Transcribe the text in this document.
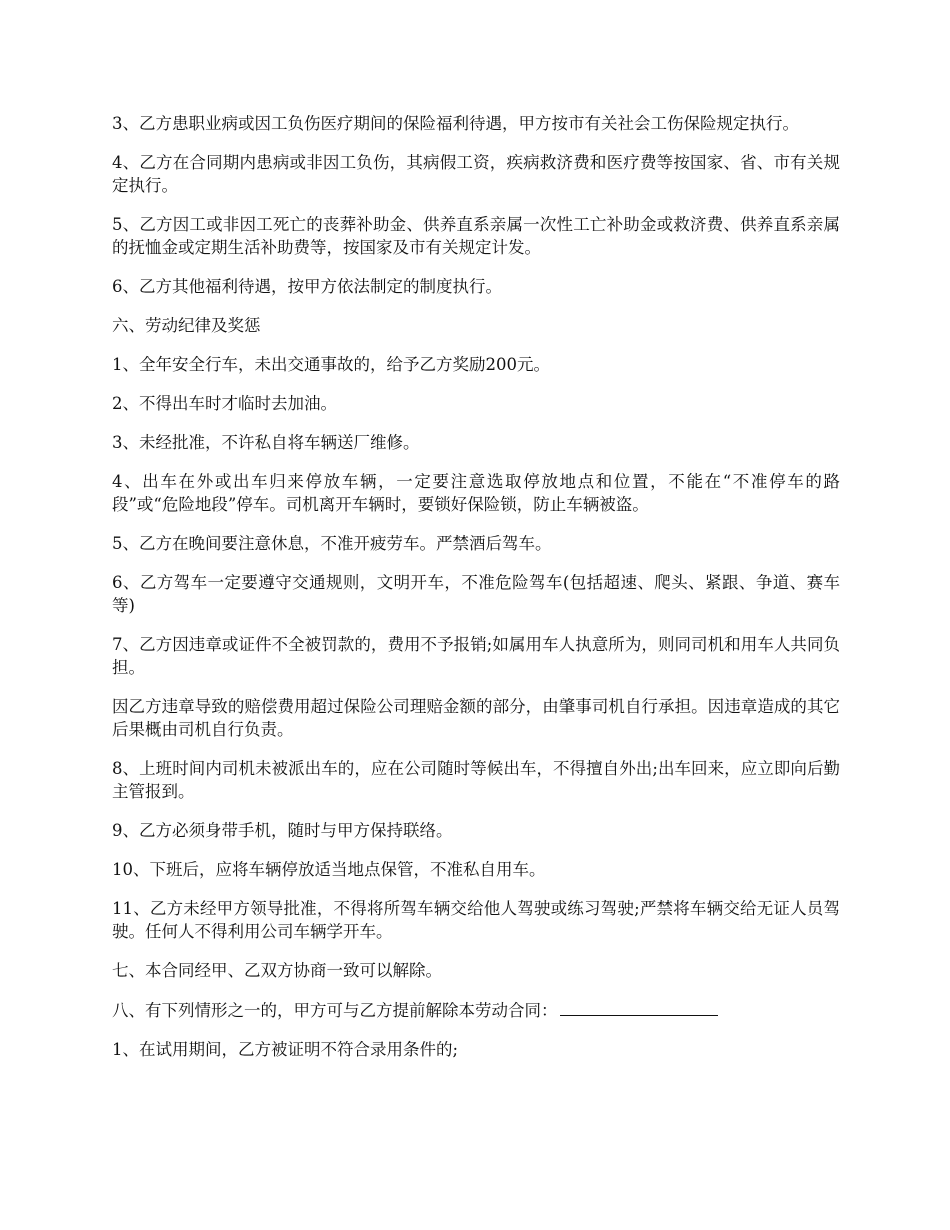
3、乙方患职业病或因工负伤医疗期间的保险福利待遇，甲方按市有关社会工伤保险规定执行。

4、乙方在合同期内患病或非因工负伤，其病假工资，疾病救济费和医疗费等按国家、省、市有关规定执行。

5、乙方因工或非因工死亡的丧葬补助金、供养直系亲属一次性工亡补助金或救济费、供养直系亲属的抚恤金或定期生活补助费等，按国家及市有关规定计发。

6、乙方其他福利待遇，按甲方依法制定的制度执行。

六、劳动纪律及奖惩

1、全年安全行车，未出交通事故的，给予乙方奖励200元。

2、不得出车时才临时去加油。

3、未经批准，不许私自将车辆送厂维修。

4、出车在外或出车归来停放车辆，一定要注意选取停放地点和位置，不能在“不准停车的路段”或“危险地段”停车。司机离开车辆时，要锁好保险锁，防止车辆被盗。

5、乙方在晚间要注意休息，不准开疲劳车。严禁酒后驾车。

6、乙方驾车一定要遵守交通规则，文明开车，不准危险驾车(包括超速、爬头、紧跟、争道、赛车等)

7、乙方因违章或证件不全被罚款的，费用不予报销;如属用车人执意所为，则同司机和用车人共同负担。

因乙方违章导致的赔偿费用超过保险公司理赔金额的部分，由肇事司机自行承担。因违章造成的其它后果概由司机自行负责。

8、上班时间内司机未被派出车的，应在公司随时等候出车，不得擅自外出;出车回来，应立即向后勤主管报到。

9、乙方必须身带手机，随时与甲方保持联络。

10、下班后，应将车辆停放适当地点保管，不准私自用车。

11、乙方未经甲方领导批准，不得将所驾车辆交给他人驾驶或练习驾驶;严禁将车辆交给无证人员驾驶。任何人不得利用公司车辆学开车。

七、本合同经甲、乙双方协商一致可以解除。

八、有下列情形之一的，甲方可与乙方提前解除本劳动合同：

1、在试用期间，乙方被证明不符合录用条件的;
